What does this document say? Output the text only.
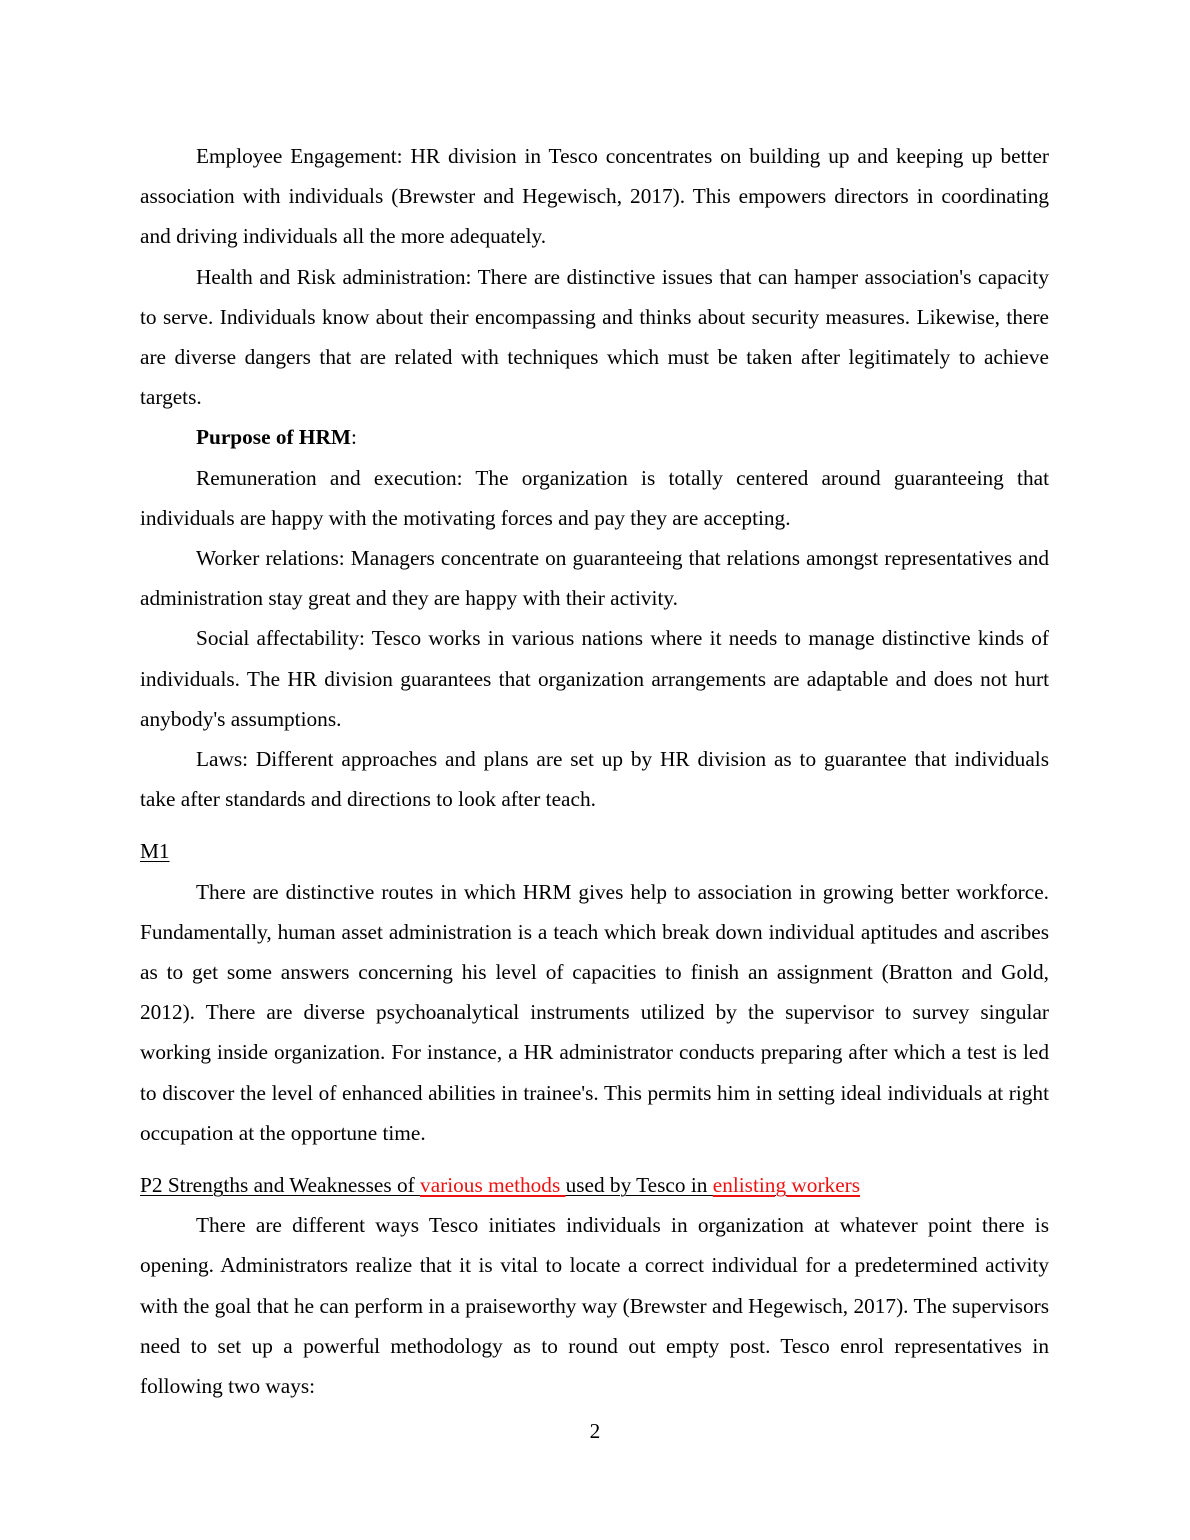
Employee Engagement: HR division in Tesco concentrates on building up and keeping up better association with individuals (Brewster and Hegewisch, 2017). This empowers directors in coordinating and driving individuals all the more adequately.

Health and Risk administration: There are distinctive issues that can hamper association's capacity to serve. Individuals know about their encompassing and thinks about security measures. Likewise, there are diverse dangers that are related with techniques which must be taken after legitimately to achieve targets.

Purpose of HRM:

Remuneration and execution: The organization is totally centered around guaranteeing that individuals are happy with the motivating forces and pay they are accepting.

Worker relations: Managers concentrate on guaranteeing that relations amongst representatives and administration stay great and they are happy with their activity.

Social affectability: Tesco works in various nations where it needs to manage distinctive kinds of individuals. The HR division guarantees that organization arrangements are adaptable and does not hurt anybody's assumptions.

Laws: Different approaches and plans are set up by HR division as to guarantee that individuals take after standards and directions to look after teach.

M1

There are distinctive routes in which HRM gives help to association in growing better workforce. Fundamentally, human asset administration is a teach which break down individual aptitudes and ascribes as to get some answers concerning his level of capacities to finish an assignment (Bratton and Gold, 2012). There are diverse psychoanalytical instruments utilized by the supervisor to survey singular working inside organization. For instance, a HR administrator conducts preparing after which a test is led to discover the level of enhanced abilities in trainee's. This permits him in setting ideal individuals at right occupation at the opportune time.

P2 Strengths and Weaknesses of various methods used by Tesco in enlisting workers

There are different ways Tesco initiates individuals in organization at whatever point there is opening. Administrators realize that it is vital to locate a correct individual for a predetermined activity with the goal that he can perform in a praiseworthy way (Brewster and Hegewisch, 2017). The supervisors need to set up a powerful methodology as to round out empty post. Tesco enrol representatives in following two ways:

2
